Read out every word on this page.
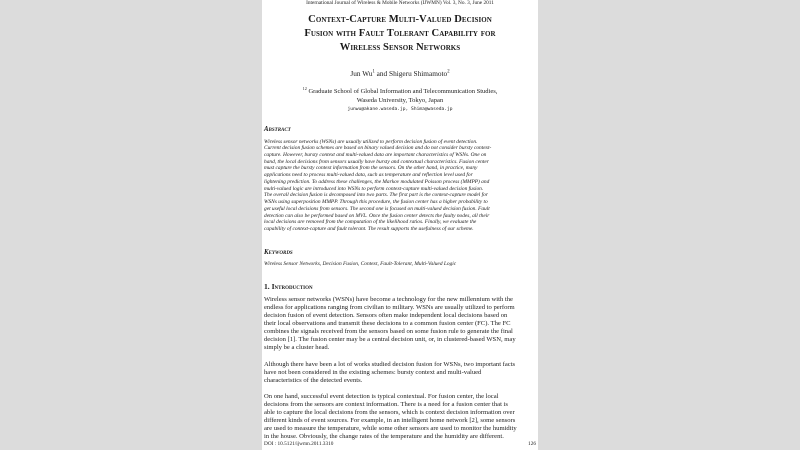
International Journal of Wireless & Mobile Networks (IJWMN) Vol. 3, No. 3, June 2011
Context-Capture Multi-Valued Decision
Fusion with Fault Tolerant Capability for
Wireless Sensor Networks
Jun Wu$^1$ and Shigeru Shimamoto$^2$
$^{12}$ Graduate School of Global Information and Telecommunication Studies,
Waseda University, Tokyo, Japan
junwu@akane.waseda.jp, Shima@waseda.jp
Abstract
Wireless sensor networks (WSNs) are usually utilized to perform decision fusion of event detection.
Current decision fusion schemes are based on binary valued decision and do not consider bursty context-
capture. However, bursty context and multi-valued data are important characteristics of WSNs. One on
hand, the local decisions from sensors usually have bursty and contextual characteristics. Fusion center
must capture the bursty context information from the sensors. On the other hand, in practice, many
applications need to process multi-valued data, such as temperature and reflection level used for
lightening prediction. To address these challenges, the Markov modulated Poisson process (MMPP) and
multi-valued logic are introduced into WSNs to perform context-capture multi-valued decision fusion.
The overall decision fusion is decomposed into two parts. The first part is the context-capture model for
WSNs using superposition MMPP. Through this procedure, the fusion center has a higher probability to
get useful local decisions from sensors. The second one is focused on multi-valued decision fusion. Fault
detection can also be performed based on MVL. Once the fusion center detects the faulty nodes, all their
local decisions are removed from the computation of the likelihood ratios. Finally, we evaluate the
capability of context-capture and fault tolerant. The result supports the usefulness of our scheme.
Keywords
Wireless Sensor Networks, Decision Fusion, Context, Fault-Tolerant, Multi-Valued Logic
1. Introduction
Wireless sensor networks (WSNs) have become a technology for the new millennium with the
endless for applications ranging from civilian to military. WSNs are usually utilized to perform
decision fusion of event detection. Sensors often make independent local decisions based on
their local observations and transmit these decisions to a common fusion center (FC). The FC
combines the signals received from the sensors based on some fusion rule to generate the final
decision [1]. The fusion center may be a central decision unit, or, in clustered-based WSN, may
simply be a cluster head.
Although there have been a lot of works studied decision fusion for WSNs, two important facts
have not been considered in the existing schemes: bursty context and multi-valued
characteristics of the detected events.
On one hand, successful event detection is typical contextual. For fusion center, the local
decisions from the sensors are context information. There is a need for a fusion center that is
able to capture the local decisions from the sensors, which is context decision information over
different kinds of event sources. For example, in an intelligent home network [2], some sensors
are used to measure the temperature, while some other sensors are used to monitor the humidity
in the house. Obviously, the change rates of the temperature and the humidity are different.
DOI : 10.5121/ijwmn.2011.3310	126
